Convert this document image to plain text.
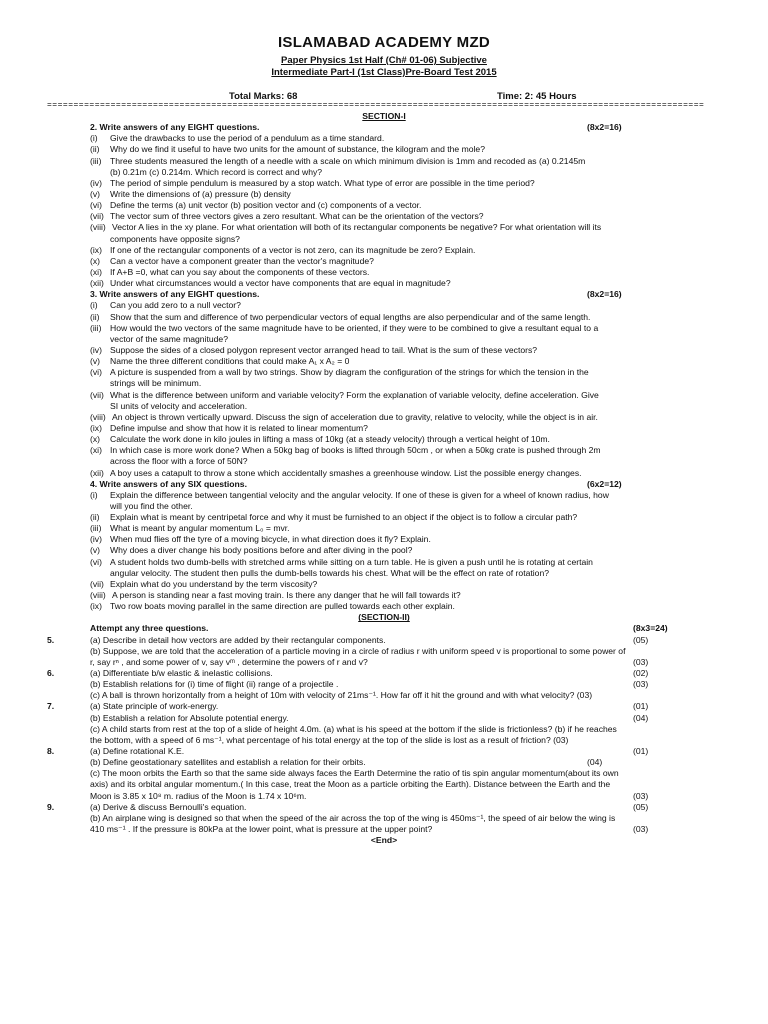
ISLAMABAD ACADEMY MZD
Paper Physics 1st Half (Ch# 01-06) Subjective
Intermediate Part-I (1st Class)Pre-Board Test 2015
Total Marks: 68	Time: 2: 45 Hours
============================================================================================================================
SECTION-I
2. Write answers of any EIGHT questions.	(8x2=16)
(i) Give the drawbacks to use the period of a pendulum as a time standard.
(ii) Why do we find it useful to have two units for the amount of substance, the kilogram and the mole?
(iii) Three students measured the length of a needle with a scale on which minimum division is 1mm and recoded as (a) 0.2145m
(b) 0.21m (c) 0.214m. Which record is correct and why?
(iv) The period of simple pendulum is measured by a stop watch. What type of error are possible in the time period?
(v) Write the dimensions of (a) pressure (b) density
(vi) Define the terms (a) unit vector (b) position vector and (c) components of a vector.
(vii) The vector sum of three vectors gives a zero resultant. What can be the orientation of the vectors?
(viii) Vector A lies in the xy plane. For what orientation will both of its rectangular components be negative? For what orientation will its
components have opposite signs?
(ix) If one of the rectangular components of a vector is not zero, can its magnitude be zero? Explain.
(x) Can a vector have a component greater than the vector's magnitude?
(xi) If A+B =0, what can you say about the components of these vectors.
(xii) Under what circumstances would a vector have components that are equal in magnitude?
3. Write answers of any EIGHT questions.	(8x2=16)
(i) Can you add zero to a null vector?
(ii) Show that the sum and difference of two perpendicular vectors of equal lengths are also perpendicular and of the same length.
(iii) How would the two vectors of the same magnitude have to be oriented, if they were to be combined to give a resultant equal to a
vector of the same magnitude?
(iv) Suppose the sides of a closed polygon represent vector arranged head to tail. What is the sum of these vectors?
(v) Name the three different conditions that could make A₁ x A₂ = 0
(vi) A picture is suspended from a wall by two strings. Show by diagram the configuration of the strings for which the tension in the
strings will be minimum.
(vii) What is the difference between uniform and variable velocity? Form the explanation of variable velocity, define acceleration. Give
SI units of velocity and acceleration.
(viii) An object is thrown vertically upward. Discuss the sign of acceleration due to gravity, relative to velocity, while the object is in air.
(ix) Define impulse and show that how it is related to linear momentum?
(x) Calculate the work done in kilo joules in lifting a mass of 10kg (at a steady velocity) through a vertical height of 10m.
(xi) In which case is more work done? When a 50kg bag of books is lifted through 50cm , or when a 50kg crate is pushed through 2m
across the floor with a force of 50N?
(xii) A boy uses a catapult to throw a stone which accidentally smashes a greenhouse window. List the possible energy changes.
4. Write answers of any SIX questions.	(6x2=12)
(i) Explain the difference between tangential velocity and the angular velocity. If one of these is given for a wheel of known radius, how
will you find the other.
(ii) Explain what is meant by centripetal force and why it must be furnished to an object if the object is to follow a circular path?
(iii) What is meant by angular momentum L₀ = mvr.
(iv) When mud flies off the tyre of a moving bicycle, in what direction does it fly? Explain.
(v) Why does a diver change his body positions before and after diving in the pool?
(vi) A student holds two dumb-bells with stretched arms while sitting on a turn table. He is given a push until he is rotating at certain
angular velocity. The student then pulls the dumb-bells towards his chest. What will be the effect on rate of rotation?
(vii) Explain what do you understand by the term viscosity?
(viii) A person is standing near a fast moving train. Is there any danger that he will fall towards it?
(ix) Two row boats moving parallel in the same direction are pulled towards each other explain.
(SECTION-II)
Attempt any three questions.	(8x3=24)
5.	(a) Describe in detail how vectors are added by their rectangular components.	(05)
(b) Suppose, we are told that the acceleration of a particle moving in a circle of radius r with uniform speed v is proportional to some power of
r, say rⁿ , and some power of v, say vᵐ , determine the powers of r and v?	(03)
6.	(a) Differentiate b/w elastic & inelastic collisions.	(02)
(b) Establish relations for (i) time of flight (ii) range of a projectile .	(03)
(c) A ball is thrown horizontally from a height of 10m with velocity of 21ms⁻¹. How far off it hit the ground and with what velocity? (03)
7.	(a) State principle of work-energy.	(01)
(b) Establish a relation for Absolute potential energy.	(04)
(c) A child starts from rest at the top of a slide of height 4.0m. (a) what is his speed at the bottom if the slide is frictionless? (b) if he reaches
the bottom, with a speed of 6 ms⁻¹, what percentage of his total energy at the top of the slide is lost as a result of friction? (03)
8.	(a) Define rotational K.E.	(01)
(b) Define geostationary satellites and establish a relation for their orbits.	(04)
(c) The moon orbits the Earth so that the same side always faces the Earth Determine the ratio of tis spin angular momentum(about its own
axis) and its orbital angular momentum.( In this case, treat the Moon as a particle orbiting the Earth). Distance between the Earth and the
Moon is 3.85 x 10⁸ m. radius of the Moon is 1.74 x 10⁶m.	(03)
9.	(a) Derive & discuss Bernoulli's equation.	(05)
(b) An airplane wing is designed so that when the speed of the air across the top of the wing is 450ms⁻¹, the speed of air below the wing is
410 ms⁻¹ . If the pressure is 80kPa at the lower point, what is pressure at the upper point?	(03)
<End>
